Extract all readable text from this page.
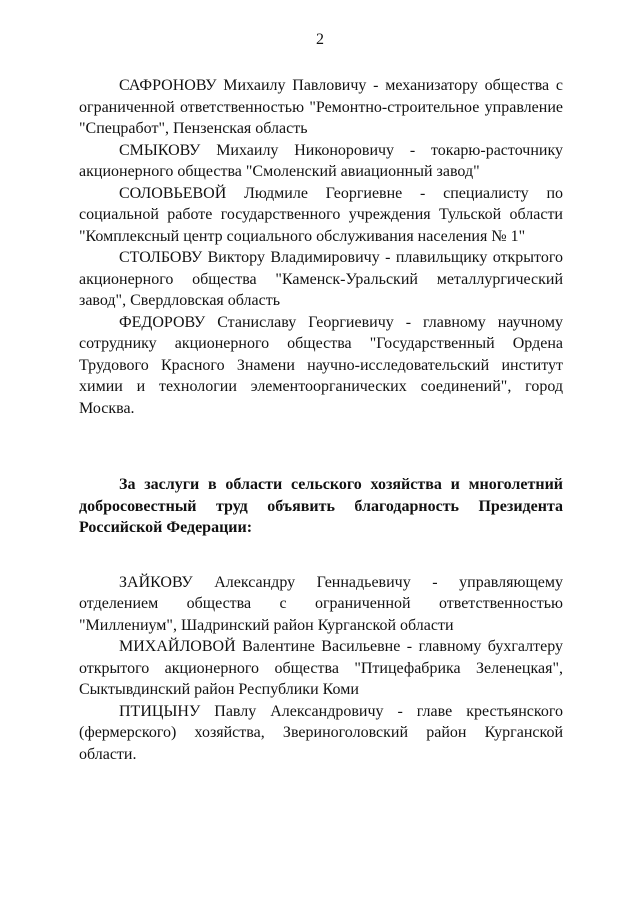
2

САФРОНОВУ Михаилу Павловичу - механизатору общества с ограниченной ответственностью "Ремонтно-строительное управление "Спецработ", Пензенская область

СМЫКОВУ Михаилу Никоноровичу - токарю-расточнику акционерного общества "Смоленский авиационный завод"

СОЛОВЬЕВОЙ Людмиле Георгиевне - специалисту по социальной работе государственного учреждения Тульской области "Комплексный центр социального обслуживания населения № 1"

СТОЛБОВУ Виктору Владимировичу - плавильщику открытого акционерного общества "Каменск-Уральский металлургический завод", Свердловская область

ФЕДОРОВУ Станиславу Георгиевичу - главному научному сотруднику акционерного общества "Государственный Ордена Трудового Красного Знамени научно-исследовательский институт химии и технологии элементоорганических соединений", город Москва.

За заслуги в области сельского хозяйства и многолетний добросовестный труд объявить благодарность Президента Российской Федерации:

ЗАЙКОВУ Александру Геннадьевичу - управляющему отделением общества с ограниченной ответственностью "Миллениум", Шадринский район Курганской области

МИХАЙЛОВОЙ Валентине Васильевне - главному бухгалтеру открытого акционерного общества "Птицефабрика Зеленецкая", Сыктывдинский район Республики Коми

ПТИЦЫНУ Павлу Александровичу - главе крестьянского (фермерского) хозяйства, Звериноголовский район Курганской области.
